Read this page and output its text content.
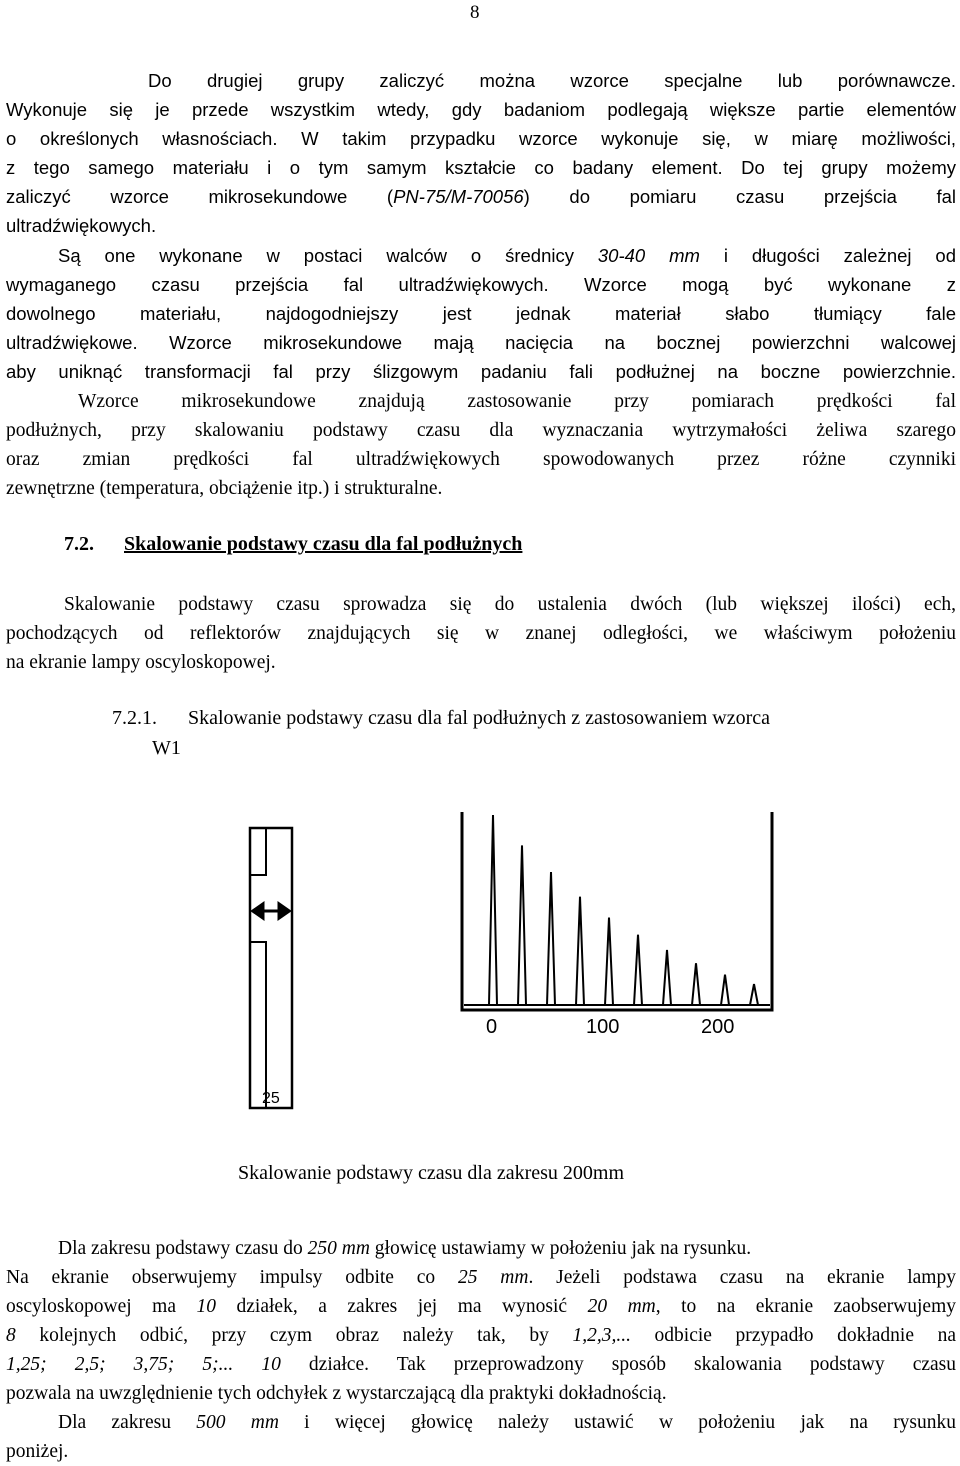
8
Do drugiej grupy zaliczyć można wzorce specjalne lub porównawcze.
Wykonuje się je przede wszystkim wtedy, gdy badaniom podlegają większe partie elementów
o określonych własnościach. W takim przypadku wzorce wykonuje się, w miarę możliwości,
z tego samego materiału i o tym samym kształcie co badany element. Do tej grupy możemy
zaliczyć wzorce mikrosekundowe (PN-75/M-70056) do pomiaru czasu przejścia fal
ultradźwiękowych.
Są one wykonane w postaci walców o średnicy 30-40 mm i długości zależnej od
wymaganego czasu przejścia fal ultradźwiękowych. Wzorce mogą być wykonane z
dowolnego materiału, najdogodniejszy jest jednak materiał słabo tłumiący fale
ultradźwiękowe. Wzorce mikrosekundowe mają nacięcia na bocznej powierzchni walcowej
aby uniknąć transformacji fal przy ślizgowym padaniu fali podłużnej na boczne powierzchnie.
Wzorce mikrosekundowe znajdują zastosowanie przy pomiarach prędkości fal
podłużnych, przy skalowaniu podstawy czasu dla wyznaczania wytrzymałości żeliwa szarego
oraz zmian prędkości fal ultradźwiękowych spowodowanych przez różne czynniki
zewnętrzne (temperatura, obciążenie itp.) i strukturalne.
7.2. Skalowanie podstawy czasu dla fal podłużnych
Skalowanie podstawy czasu sprowadza się do ustalenia dwóch (lub większej ilości) ech,
pochodzących od reflektorów znajdujących się w znanej odległości, we właściwym położeniu
na ekranie lampy oscyloskopowej.
7.2.1. Skalowanie podstawy czasu dla fal podłużnych z zastosowaniem wzorca
W1
25
0	100	200
Skalowanie podstawy czasu dla zakresu 200mm
Dla zakresu podstawy czasu do 250 mm głowicę ustawiamy w położeniu jak na rysunku.
Na ekranie obserwujemy impulsy odbite co 25 mm. Jeżeli podstawa czasu na ekranie lampy
oscyloskopowej ma 10 działek, a zakres jej ma wynosić 20 mm, to na ekranie zaobserwujemy
8 kolejnych odbić, przy czym obraz należy tak, by 1,2,3,... odbicie przypadło dokładnie na
1,25; 2,5; 3,75; 5;... 10 działce. Tak przeprowadzony sposób skalowania podstawy czasu
pozwala na uwzględnienie tych odchyłek z wystarczającą dla praktyki dokładnością.
Dla zakresu 500 mm i więcej głowicę należy ustawić w położeniu jak na rysunku
poniżej.
